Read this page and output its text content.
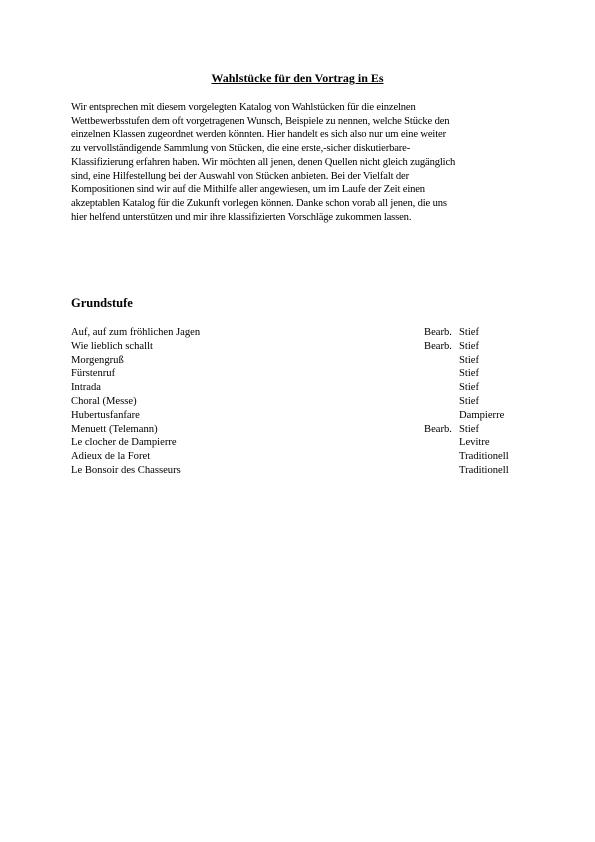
Wahlstücke für den Vortrag in Es
Wir entsprechen mit diesem vorgelegten Katalog von Wahlstücken für die einzelnen
Wettbewerbsstufen dem oft vorgetragenen Wunsch, Beispiele zu nennen, welche Stücke den
einzelnen Klassen zugeordnet werden könnten. Hier handelt es sich also nur um eine weiter
zu vervollständigende Sammlung von Stücken, die eine erste,-sicher diskutierbare-
Klassifizierung erfahren haben. Wir möchten all jenen, denen Quellen nicht gleich zugänglich
sind, eine Hilfestellung bei der Auswahl von Stücken anbieten. Bei der Vielfalt der
Kompositionen sind wir auf die Mithilfe aller angewiesen, um im Laufe der Zeit einen
akzeptablen Katalog für die Zukunft vorlegen können. Danke schon vorab all jenen, die uns
hier helfend unterstützen und mir ihre klassifizierten Vorschläge zukommen lassen.
Grundstufe
Auf, auf zum fröhlichen Jagen	Bearb. Stief
Wie lieblich schallt	Bearb. Stief
Morgengruß	Stief
Fürstenruf	Stief
Intrada	Stief
Choral (Messe)	Stief
Hubertusfanfare	Dampierre
Menuett (Telemann)	Bearb. Stief
Le clocher de Dampierre	Levitre
Adieux de la Foret	Traditionell
Le Bonsoir des Chasseurs	Traditionell
